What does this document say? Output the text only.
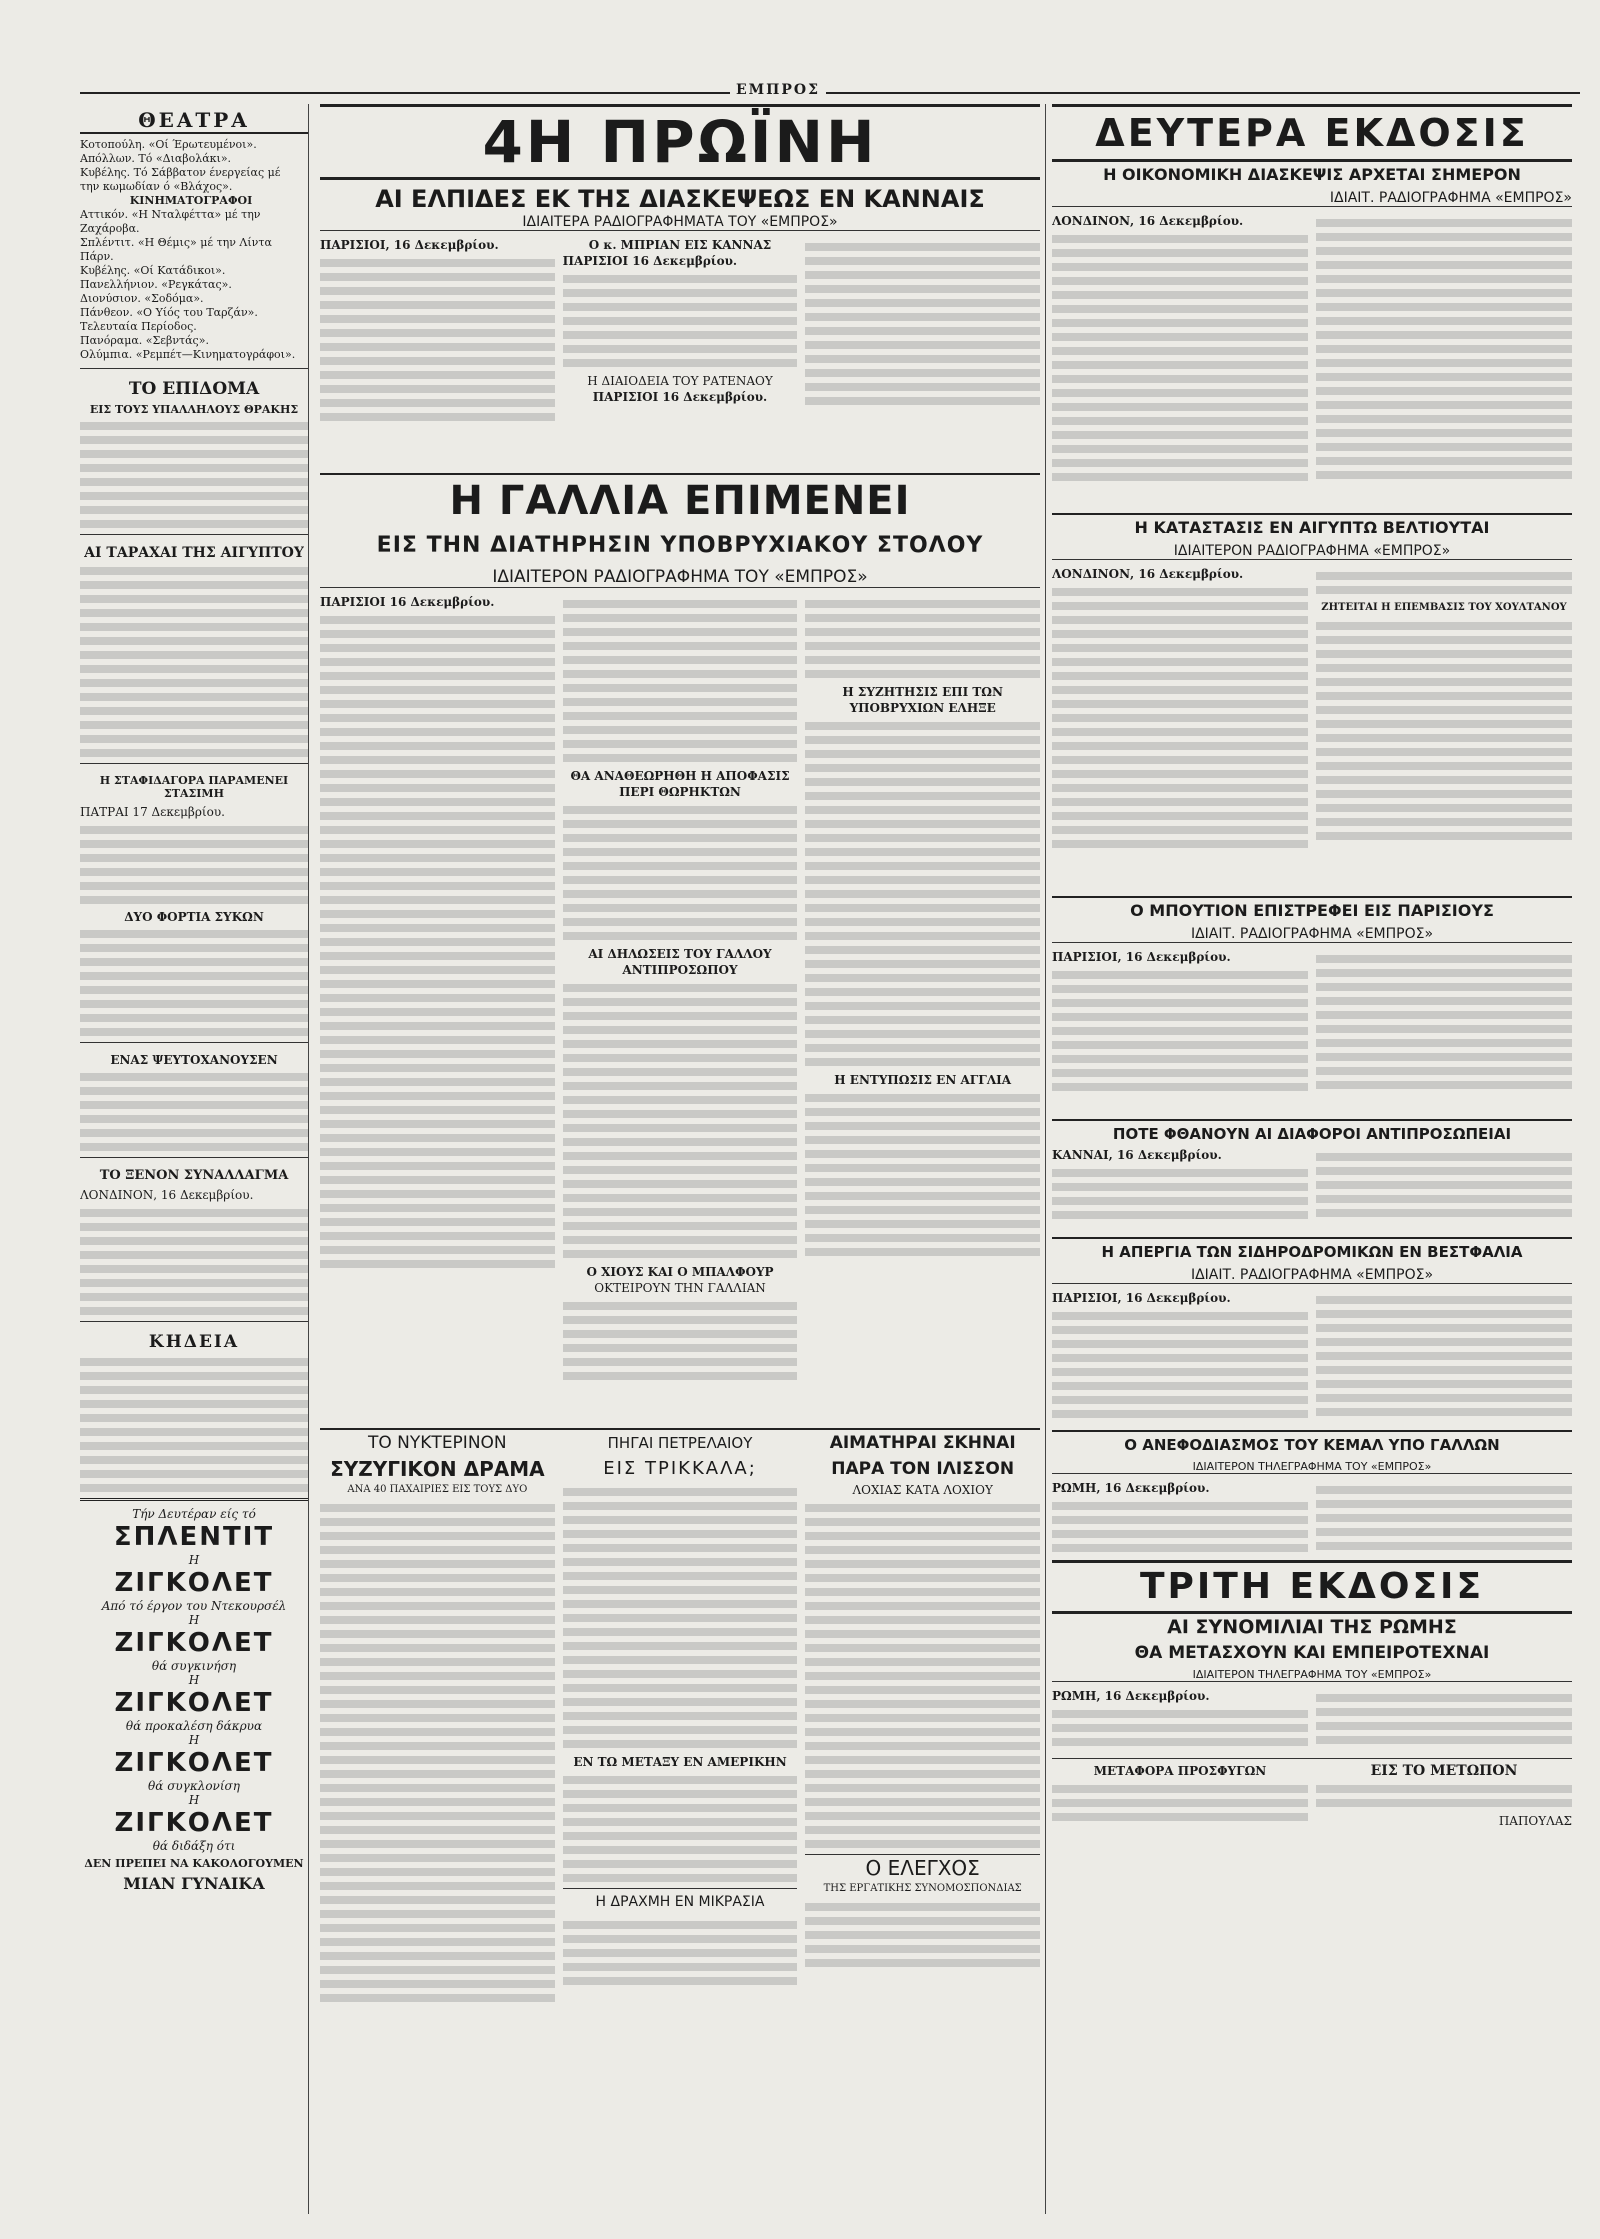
ΕΜΠΡΟΣ
ΘΕΑΤΡΑ
Κοτοπούλη. «Οί Έρωτευμένοι».
Απόλλων. Τό «Διαβολάκι».
Κυβέλης. Τό Σάββατον ένεργείας μέ την κωμωδίαν ό «Βλάχος».
ΚΙΝΗΜΑΤΟΓΡΑΦΟΙ
Αττικόν. «Η Νταλφέττα» μέ την Ζαχάροβα.
Σπλέντιτ. «Η Θέμις» μέ την Λίντα Πάρν.
Κυβέλης. «Οί Κατάδικοι».
Πανελλήνιον. «Ρεγκάτας».
Διονύσιον. «Σοδόμα».
Πάνθεον. «Ο Υίός του Ταρζάν». Τελευταία Περίοδος.
Πανόραμα. «Σεβντάς».
Ολύμπια. «Ρεμπέτ—Κινηματογράφοι».
ΤΟ ΕΠΙΔΟΜΑ
ΕΙΣ ΤΟΥΣ ΥΠΑΛΛΗΛΟΥΣ ΘΡΑΚΗΣ
ΑΙ ΤΑΡΑΧΑΙ ΤΗΣ ΑΙΓΥΠΤΟΥ
Η ΣΤΑΦΙΔΑΓΟΡΑ ΠΑΡΑΜΕΝΕΙ ΣΤΑΣΙΜΗ
ΠΑΤΡΑΙ 17 Δεκεμβρίου.
ΔΥΟ ΦΟΡΤΙΑ ΣΥΚΩΝ
ΕΝΑΣ ΨΕΥΤΟΧΑΝΟΥΣΕΝ
ΤΟ ΞΕΝΟΝ ΣΥΝΑΛΛΑΓΜΑ
ΛΟΝΔΙΝΟΝ, 16 Δεκεμβρίου.
ΚΗΔΕΙΑ
Τήν Δευτέραν είς τό
ΣΠΛΕΝΤΙΤ
Η
ΖΙΓΚΟΛΕΤ
Από τό έργον του Ντεκουρσέλ
Η
ΖΙΓΚΟΛΕΤ
θά συγκινήση
Η
ΖΙΓΚΟΛΕΤ
θά προκαλέση δάκρυα
Η
ΖΙΓΚΟΛΕΤ
θά συγκλονίση
Η
ΖΙΓΚΟΛΕΤ
θά διδάξη ότι
ΔΕΝ ΠΡΕΠΕΙ ΝΑ ΚΑΚΟΛΟΓΟΥΜΕΝ
ΜΙΑΝ ΓΥΝΑΙΚΑ
4Η ΠΡΩΪΝΗ
ΑΙ ΕΛΠΙΔΕΣ ΕΚ ΤΗΣ ΔΙΑΣΚΕΨΕΩΣ ΕΝ ΚΑΝΝΑΙΣ
ΙΔΙΑΙΤΕΡΑ ΡΑΔΙΟΓΡΑΦΗΜΑΤΑ ΤΟΥ «ΕΜΠΡΟΣ»
ΠΑΡΙΣΙΟΙ, 16 Δεκεμβρίου.	Ο κ. ΜΠΡΙΑΝ ΕΙΣ ΚΑΝΝΑΣ
ΠΑΡΙΣΙΟΙ 16 Δεκεμβρίου.
Η ΔΙΑΙΟΔΕΙΑ ΤΟΥ ΡΑΤΕΝΑΟΥ
ΠΑΡΙΣΙΟΙ 16 Δεκεμβρίου.
Η ΓΑΛΛΙΑ ΕΠΙΜΕΝΕΙ
ΕΙΣ ΤΗΝ ΔΙΑΤΗΡΗΣΙΝ ΥΠΟΒΡΥΧΙΑΚΟΥ ΣΤΟΛΟΥ
ΙΔΙΑΙΤΕΡΟΝ ΡΑΔΙΟΓΡΑΦΗΜΑ ΤΟΥ «ΕΜΠΡΟΣ»
ΠΑΡΙΣΙΟΙ 16 Δεκεμβρίου.
ΘΑ ΑΝΑΘΕΩΡΗΘΗ Η ΑΠΟΦΑΣΙΣ ΠΕΡΙ ΘΩΡΗΚΤΩΝ
ΑΙ ΔΗΛΩΣΕΙΣ ΤΟΥ ΓΑΛΛΟΥ ΑΝΤΙΠΡΟΣΩΠΟΥ
Ο ΧΙΟΥΣ ΚΑΙ Ο ΜΠΑΛΦΟΥΡ
ΟΚΤΕΙΡΟΥΝ ΤΗΝ ΓΑΛΛΙΑΝ
Η ΣΥΖΗΤΗΣΙΣ ΕΠΙ ΤΩΝ ΥΠΟΒΡΥΧΙΩΝ ΕΛΗΞΕ
Η ΕΝΤΥΠΩΣΙΣ ΕΝ ΑΓΓΛΙΑ
ΤΟ ΝΥΚΤΕΡΙΝΟΝ
ΣΥΖΥΓΙΚΟΝ ΔΡΑΜΑ
ΑΝΑ 40 ΠΑΧΑΙΡΙΕΣ ΕΙΣ ΤΟΥΣ ΔΥΟ
ΠΗΓΑΙ ΠΕΤΡΕΛΑΙΟΥ
ΕΙΣ ΤΡΙΚΚΑΛΑ;
ΕΝ ΤΩ ΜΕΤΑΞΥ ΕΝ ΑΜΕΡΙΚΗΝ
Η ΔΡΑΧΜΗ ΕΝ ΜΙΚΡΑΣΙΑ
ΑΙΜΑΤΗΡΑΙ ΣΚΗΝΑΙ
ΠΑΡΑ ΤΟΝ ΙΛΙΣΣΟΝ
ΛΟΧΙΑΣ ΚΑΤΑ ΛΟΧΙΟΥ
Ο ΕΛΕΓΧΟΣ
ΤΗΣ ΕΡΓΑΤΙΚΗΣ ΣΥΝΟΜΟΣΠΟΝΔΙΑΣ
ΔΕΥΤΕΡΑ ΕΚΔΟΣΙΣ
Η ΟΙΚΟΝΟΜΙΚΗ ΔΙΑΣΚΕΨΙΣ ΑΡΧΕΤΑΙ ΣΗΜΕΡΟΝ
ΙΔΙΑΙΤ. ΡΑΔΙΟΓΡΑΦΗΜΑ «ΕΜΠΡΟΣ»
ΛΟΝΔΙΝΟΝ, 16 Δεκεμβρίου.
Η ΚΑΤΑΣΤΑΣΙΣ ΕΝ ΑΙΓΥΠΤΩ ΒΕΛΤΙΟΥΤΑΙ
ΙΔΙΑΙΤΕΡΟΝ ΡΑΔΙΟΓΡΑΦΗΜΑ «ΕΜΠΡΟΣ»
ΛΟΝΔΙΝΟΝ, 16 Δεκεμβρίου.
ΖΗΤΕΙΤΑΙ Η ΕΠΕΜΒΑΣΙΣ ΤΟΥ ΧΟΥΛΤΑΝΟΥ
Ο ΜΠΟΥΤΙΟΝ ΕΠΙΣΤΡΕΦΕΙ ΕΙΣ ΠΑΡΙΣΙΟΥΣ
ΙΔΙΑΙΤ. ΡΑΔΙΟΓΡΑΦΗΜΑ «ΕΜΠΡΟΣ»
ΠΑΡΙΣΙΟΙ, 16 Δεκεμβρίου.
ΠΟΤΕ ΦΘΑΝΟΥΝ ΑΙ ΔΙΑΦΟΡΟΙ ΑΝΤΙΠΡΟΣΩΠΕΙΑΙ
ΚΑΝΝΑΙ, 16 Δεκεμβρίου.
Η ΑΠΕΡΓΙΑ ΤΩΝ ΣΙΔΗΡΟΔΡΟΜΙΚΩΝ ΕΝ ΒΕΣΤΦΑΛΙΑ
ΙΔΙΑΙΤ. ΡΑΔΙΟΓΡΑΦΗΜΑ «ΕΜΠΡΟΣ»
ΠΑΡΙΣΙΟΙ, 16 Δεκεμβρίου.
Ο ΑΝΕΦΟΔΙΑΣΜΟΣ ΤΟΥ ΚΕΜΑΛ ΥΠΟ ΓΑΛΛΩΝ
ΙΔΙΑΙΤΕΡΟΝ ΤΗΛΕΓΡΑΦΗΜΑ ΤΟΥ «ΕΜΠΡΟΣ»
ΡΩΜΗ, 16 Δεκεμβρίου.
ΤΡΙΤΗ ΕΚΔΟΣΙΣ
ΑΙ ΣΥΝΟΜΙΛΙΑΙ ΤΗΣ ΡΩΜΗΣ
ΘΑ ΜΕΤΑΣΧΟΥΝ ΚΑΙ ΕΜΠΕΙΡΟΤΕΧΝΑΙ
ΙΔΙΑΙΤΕΡΟΝ ΤΗΛΕΓΡΑΦΗΜΑ ΤΟΥ «ΕΜΠΡΟΣ»
ΡΩΜΗ, 16 Δεκεμβρίου.
ΜΕΤΑΦΟΡΑ ΠΡΟΣΦΥΓΩΝ	ΕΙΣ ΤΟ ΜΕΤΩΠΟΝ
ΠΑΠΟΥΛΑΣ
